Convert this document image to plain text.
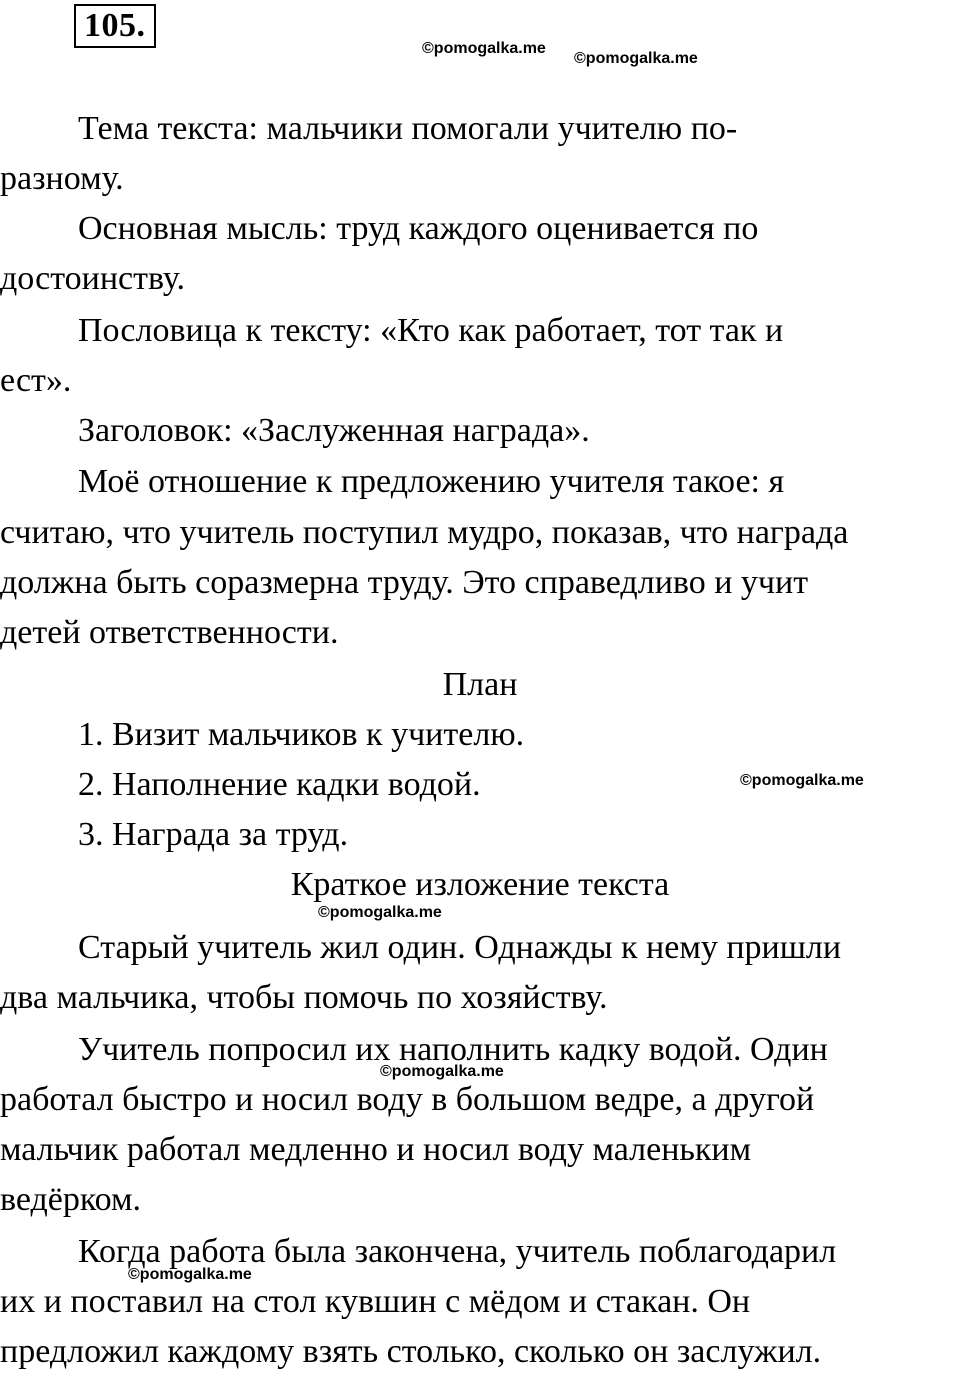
105.
©pomogalka.me
©pomogalka.me
Тема текста: мальчики помогали учителю по-
разному.
Основная мысль: труд каждого оценивается по
достоинству.
Пословица к тексту: «Кто как работает, тот так и
ест».
Заголовок: «Заслуженная награда».
Моё отношение к предложению учителя такое: я
считаю, что учитель поступил мудро, показав, что награда
должна быть соразмерна труду. Это справедливо и учит
детей ответственности.
План
1. Визит мальчиков к учителю.
2. Наполнение кадки водой.	©pomogalka.me
3. Награда за труд.
Краткое изложение текста
©pomogalka.me
Старый учитель жил один. Однажды к нему пришли
два мальчика, чтобы помочь по хозяйству.
Учитель попросил их наполнить кадку водой. Один
©pomogalka.me
работал быстро и носил воду в большом ведре, а другой
мальчик работал медленно и носил воду маленьким
ведёрком.
Когда работа была закончена, учитель поблагодарил
©pomogalka.me
их и поставил на стол кувшин с мёдом и стакан. Он
предложил каждому взять столько, сколько он заслужил.
